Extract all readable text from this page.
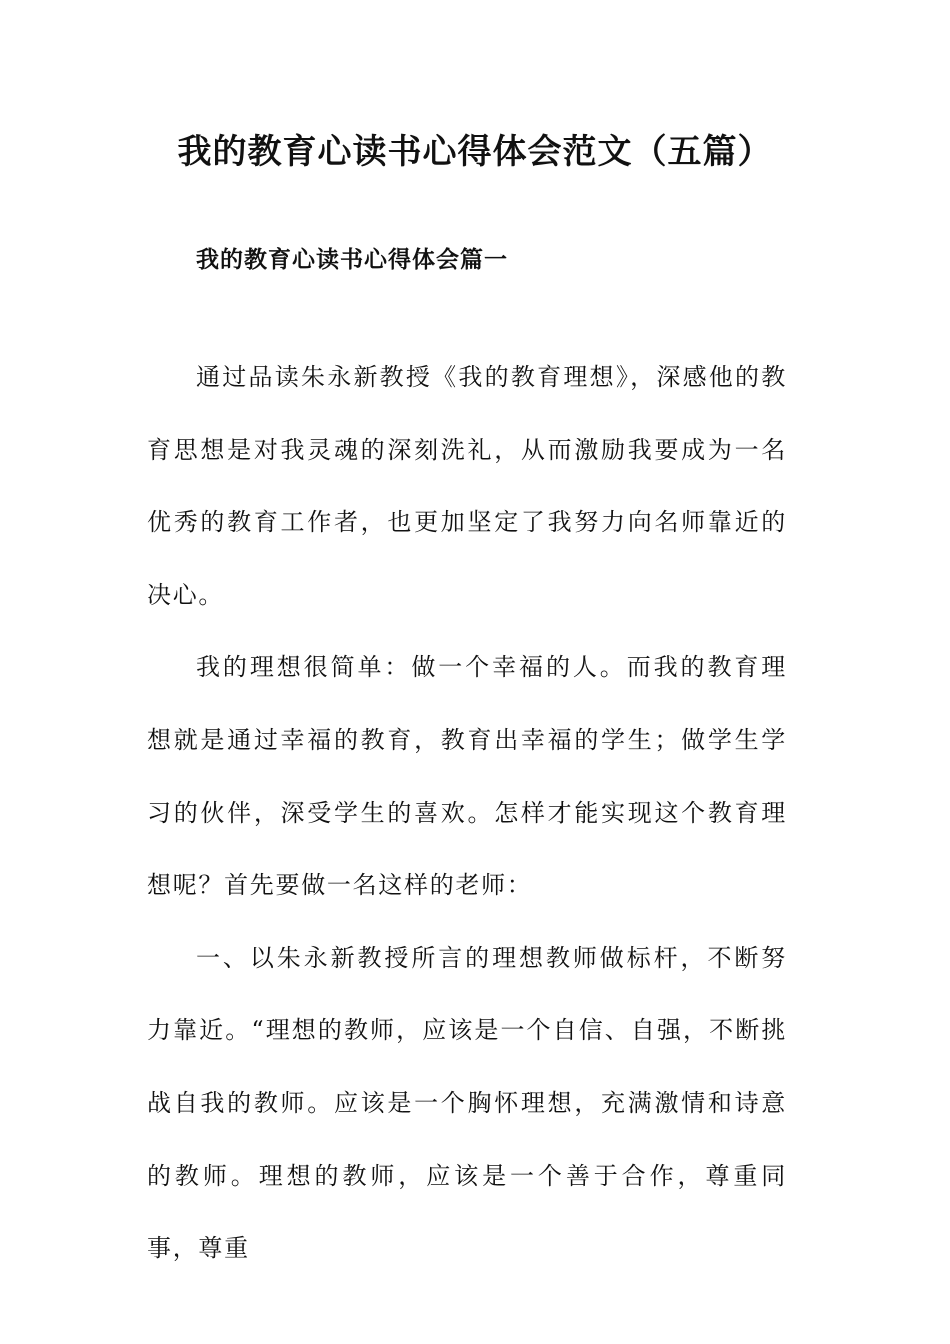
我的教育心读书心得体会范文（五篇）
我的教育心读书心得体会篇一

通过品读朱永新教授《我的教育理想》，深感他的教育思想是对我灵魂的深刻洗礼，从而激励我要成为一名优秀的教育工作者，也更加坚定了我努力向名师靠近的决心。

我的理想很简单：做一个幸福的人。而我的教育理想就是通过幸福的教育，教育出幸福的学生；做学生学习的伙伴，深受学生的喜欢。怎样才能实现这个教育理想呢？首先要做一名这样的老师：

一、以朱永新教授所言的理想教师做标杆，不断努力靠近。“理想的教师，应该是一个自信、自强，不断挑战自我的教师。应该是一个胸怀理想，充满激情和诗意的教师。理想的教师，应该是一个善于合作，尊重同事，尊重
